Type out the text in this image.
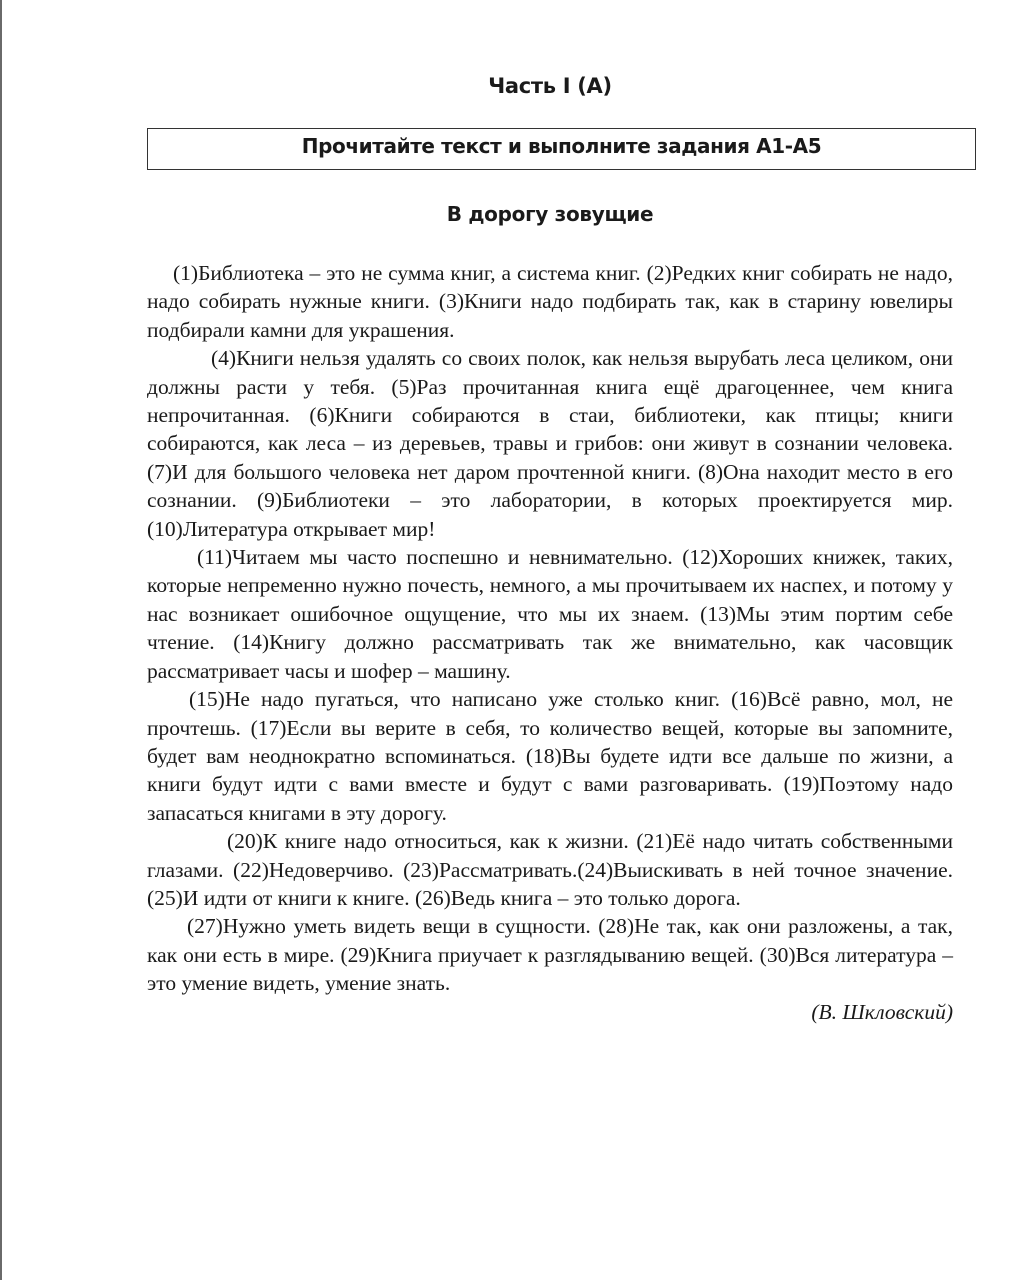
Часть I (А)
Прочитайте текст и выполните задания А1-А5
В дорогу зовущие

(1)Библиотека – это не сумма книг, а система книг. (2)Редких книг собирать не надо, надо собирать нужные книги. (3)Книги надо подбирать так, как в старину ювелиры подбирали камни для украшения.

(4)Книги нельзя удалять со своих полок, как нельзя вырубать леса целиком, они должны расти у тебя. (5)Раз прочитанная книга ещё драгоценнее, чем книга непрочитанная. (6)Книги собираются в стаи, библиотеки, как птицы; книги собираются, как леса – из деревьев, травы и грибов: они живут в сознании человека. (7)И для большого человека нет даром прочтенной книги. (8)Она находит место в его сознании. (9)Библиотеки – это лаборатории, в которых проектируется мир. (10)Литература открывает мир!

(11)Читаем мы часто поспешно и невнимательно. (12)Хороших книжек, таких, которые непременно нужно почесть, немного, а мы прочитываем их наспех, и потому у нас возникает ошибочное ощущение, что мы их знаем. (13)Мы этим портим себе чтение. (14)Книгу должно рассматривать так же внимательно, как часовщик рассматривает часы и шофер – машину.

(15)Не надо пугаться, что написано уже столько книг. (16)Всё равно, мол, не прочтешь. (17)Если вы верите в себя, то количество вещей, которые вы запомните, будет вам неоднократно вспоминаться. (18)Вы будете идти все дальше по жизни, а книги будут идти с вами вместе и будут с вами разговаривать. (19)Поэтому надо запасаться книгами в эту дорогу.

(20)К книге надо относиться, как к жизни. (21)Её надо читать собственными глазами. (22)Недоверчиво. (23)Рассматривать.(24)Выискивать в ней точное значение. (25)И идти от книги к книге. (26)Ведь книга – это только дорога.

(27)Нужно уметь видеть вещи в сущности. (28)Не так, как они разложены, а так, как они есть в мире. (29)Книга приучает к разглядыванию вещей. (30)Вся литература – это умение видеть, умение знать.

(В. Шкловский)
